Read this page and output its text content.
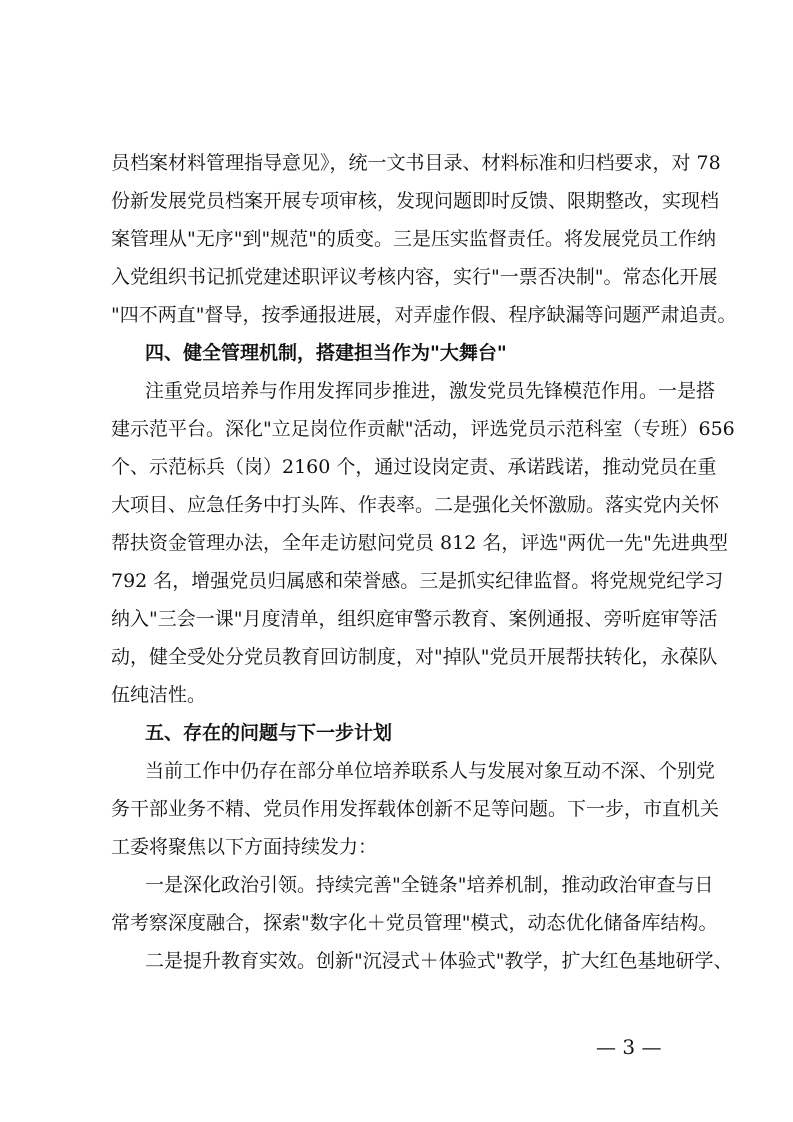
员档案材料管理指导意见》，统一文书目录、材料标准和归档要求，对 78
份新发展党员档案开展专项审核，发现问题即时反馈、限期整改，实现档
案管理从"无序"到"规范"的质变。三是压实监督责任。将发展党员工作纳
入党组织书记抓党建述职评议考核内容，实行"一票否决制"。常态化开展
"四不两直"督导，按季通报进展，对弄虚作假、程序缺漏等问题严肃追责。
四、健全管理机制，搭建担当作为"大舞台"
注重党员培养与作用发挥同步推进，激发党员先锋模范作用。一是搭
建示范平台。深化"立足岗位作贡献"活动，评选党员示范科室（专班）656
个、示范标兵（岗）2160 个，通过设岗定责、承诺践诺，推动党员在重
大项目、应急任务中打头阵、作表率。二是强化关怀激励。落实党内关怀
帮扶资金管理办法，全年走访慰问党员 812 名，评选"两优一先"先进典型
792 名，增强党员归属感和荣誉感。三是抓实纪律监督。将党规党纪学习
纳入"三会一课"月度清单，组织庭审警示教育、案例通报、旁听庭审等活
动，健全受处分党员教育回访制度，对"掉队"党员开展帮扶转化，永葆队
伍纯洁性。
五、存在的问题与下一步计划
当前工作中仍存在部分单位培养联系人与发展对象互动不深、个别党
务干部业务不精、党员作用发挥载体创新不足等问题。下一步，市直机关
工委将聚焦以下方面持续发力：
一是深化政治引领。持续完善"全链条"培养机制，推动政治审查与日
常考察深度融合，探索"数字化＋党员管理"模式，动态优化储备库结构。
二是提升教育实效。创新"沉浸式＋体验式"教学，扩大红色基地研学、
— 3 —
